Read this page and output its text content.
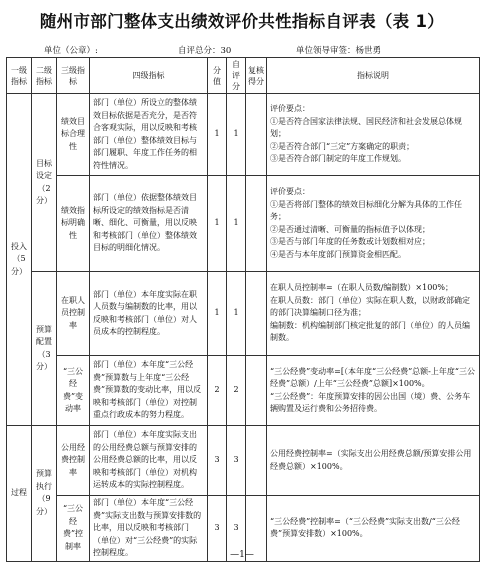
随州市部门整体支出绩效评价共性指标自评表（表 1）
单位（公章）:	自评总分：30	单位领导审签：杨世勇
一级指标	二级指标	三级指标	四级指标	分值	自评分	复核得分	指标说明
投入（5分）	目标设定（2分）	绩效目标合理性	部门（单位）所设立的整体绩效目标依据是否充分，是否符合客观实际，用以反映和考核部门（单位）整体绩效目标与部门履职、年度工作任务的相符性情况。	1	1		评价要点：
①是否符合国家法律法规、国民经济和社会发展总体规划；
②是否符合部门“三定”方案确定的职责；
③是否符合部门制定的年度工作规划。
		绩效指标明确性	部门（单位）依据整体绩效目标所设定的绩效指标是否清晰、细化、可衡量，用以反映和考核部门（单位）整体绩效目标的明细化情况。	1	1		评价要点：
①是否将部门整体的绩效目标细化分解为具体的工作任务；
②是否通过清晰、可衡量的指标值予以体现；
③是否与部门年度的任务数或计划数相对应；
④是否与本年度部门预算资金相匹配。
	预算配置（3分）	在职人员控制率	部门（单位）本年度实际在职人员数与编制数的比率，用以反映和考核部门（单位）对人员成本的控制程度。	1	1		在职人员控制率=（在职人员数/编制数）×100%；
在职人员数：部门（单位）实际在职人数，以财政部确定的部门决算编制口径为准；
编制数：机构编制部门核定批复的部门（单位）的人员编制数。
		“三公经费”变动率	部门（单位）本年度“三公经费”预算数与上年度“三公经费”预算数的变动比率，用以反映和考核部门（单位）对控制重点行政成本的努力程度。	2	2		“三公经费”变动率=[（本年度“三公经费”总额-上年度“三公经费”总额）/上年“三公经费”总额]×100%。
“三公经费”：年度预算安排的因公出国（境）费、公务车辆购置及运行费和公务招待费。
过程	预算执行（9分）	公用经费控制率	部门（单位）本年度实际支出的公用经费总额与预算安排的公用经费总额的比率，用以反映和考核部门（单位）对机构运转成本的实际控制程度。	3	3		公用经费控制率=（实际支出公用经费总额/预算安排公用经费总额）×100%。
		“三公经费”控制率	部门（单位）本年度“三公经费”实际支出数与预算安排数的比率，用以反映和考核部门（单位）对“三公经费”的实际控制程度。	3	3		“三公经费”控制率=（“三公经费”实际支出数/“三公经费”预算安排数）×100%。
—1—
